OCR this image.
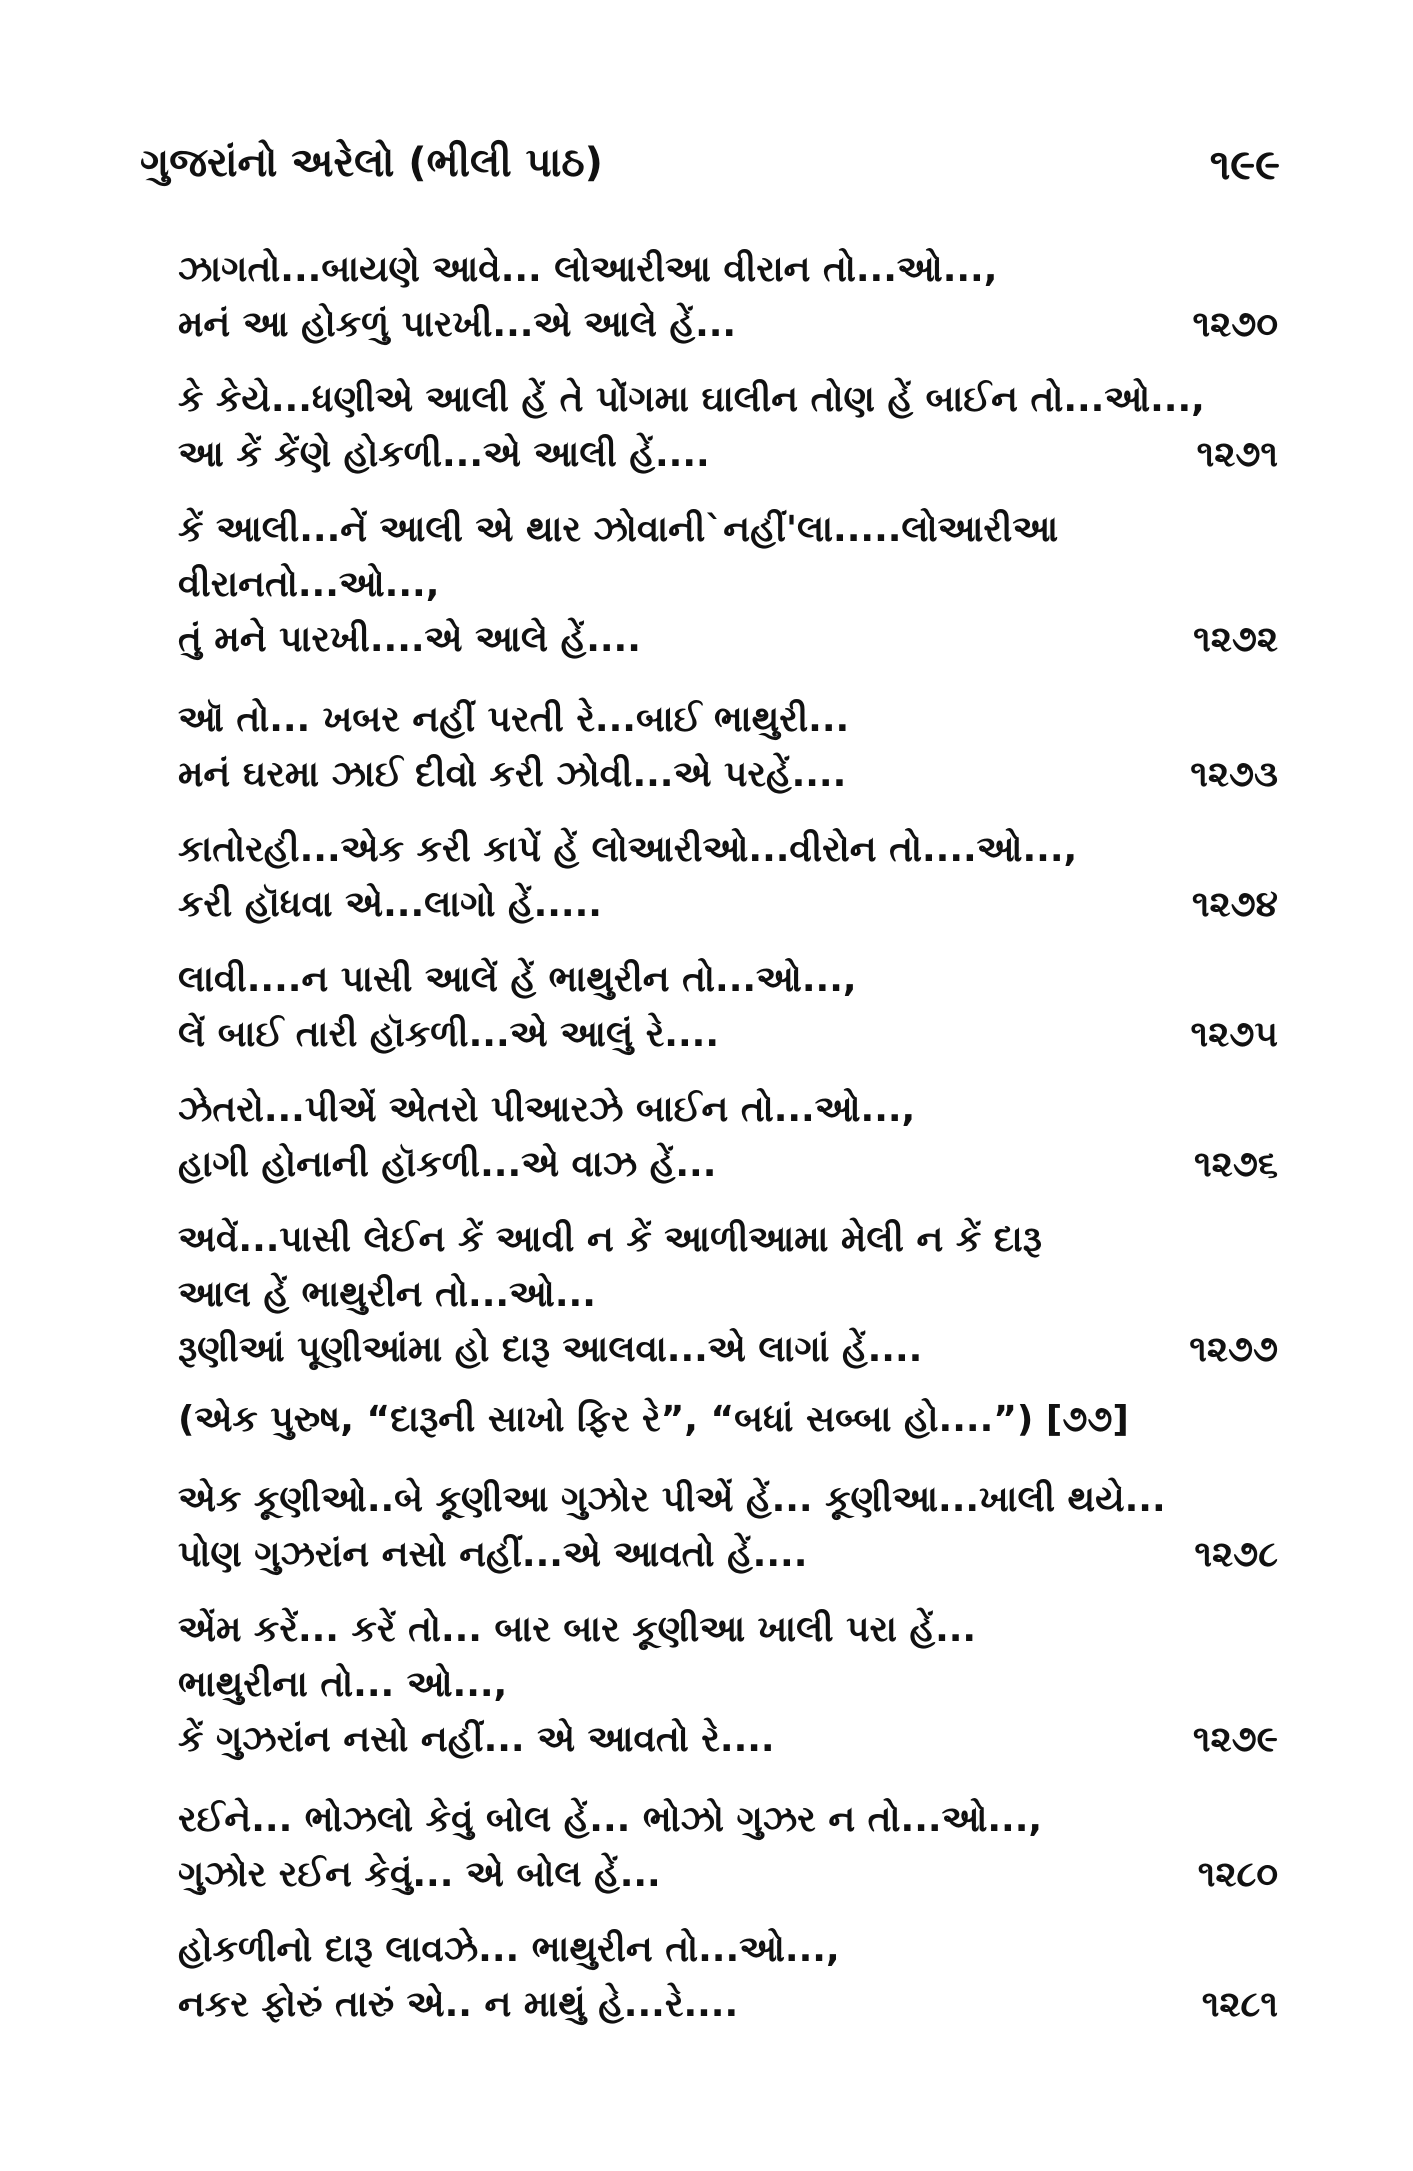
ગુજરાંનો અરેલો (ભીલી પાઠ)	૧૯૯
ઝાગતો...બાયણે આવે... લોઆરીઆ વીરાન તો...ઓ...,
મનં આ હોકળું પારખી...એ આલે હેં...	૧૨૭૦
કે કેયે...ધણીએ આલી હેં તે પોંગમા ઘાલીન તોણ હેં બાઈન તો...ઓ...,
આ કેં કેંણે હોકળી...એ આલી હેં....	૧૨૭૧
કેં આલી...નેં આલી એ થાર ઝોવાની`નહીં'લા.....લોઆરીઆ
વીરાનતો...ઓ...,
તું મને પારખી....એ આલે હેં....	૧૨૭૨
ઑ તો... ખબર નહીં પરતી રે...બાઈ ભાથુરી...
મનં ઘરમા ઝાઈ દીવો કરી ઝોવી...એ પરહેં....	૧૨૭૩
કાતોરહી...એક કરી કાપેં હેં લોઆરીઓ...વીરોન તો....ઓ...,
કરી હૉધવા એ...લાગો હેં.....	૧૨૭૪
લાવી....ન પાસી આલેં હેં ભાથુરીન તો...ઓ...,
લેં બાઈ તારી હૉકળી...એ આલું રે....	૧૨૭૫
ઝેતરો...પીએં એતરો પીઆરઝે બાઈન તો...ઓ...,
હાગી હોનાની હૉકળી...એ વાઝ હેં...	૧૨૭૬
અવેં...પાસી લેઈન કેં આવી ન કેં આળીઆમા મેલી ન કેં દારૂ
આલ હેં ભાથુરીન તો...ઓ...
રૂણીઆં પૂણીઆંમા હો દારૂ આલવા...એ લાગાં હેં....	૧૨૭૭
(એક પુરુષ, “દારૂની સાખો ફિર રે”, “બધાં સબ્બા હો....”) [૭૭]
એક કૂણીઓ..બે કૂણીઆ ગુઝોર પીએં હેં... કૂણીઆ...ખાલી થયે...
પોણ ગુઝરાંન નસો નહીં...એ આવતો હેં....	૧૨૭૮
એંમ કરેં... કરેં તો... બાર બાર કૂણીઆ ખાલી પરા હેં...
ભાથુરીના તો... ઓ...,
કેં ગુઝરાંન નસો નહીં... એ આવતો રે....	૧૨૭૯
રઈને... ભોઝલો કેવું બોલ હેં... ભોઝો ગુઝર ન તો...ઓ...,
ગુઝોર રઈન કેવું... એ બોલ હેં...	૧૨૮૦
હોકળીનો દારૂ લાવઝે... ભાથુરીન તો...ઓ...,
નકર ફોરું તારું એ.. ન માથું હે...રે....	૧૨૮૧
